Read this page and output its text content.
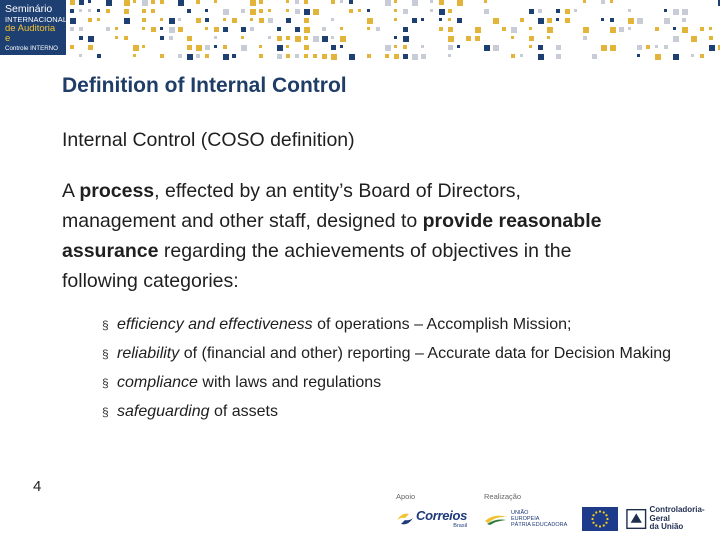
Seminário
INTERNACIONAL
de Auditoria e
Controle INTERNO
Definition of Internal Control

Internal Control (COSO definition)

A process, effected by an entity’s Board of Directors, management and other staff, designed to provide reasonable assurance regarding the achievements of objectives in the following categories:

§ efficiency and effectiveness of operations – Accomplish Mission;
§ reliability of (financial and other) reporting – Accurate data for Decision Making
§ compliance with laws and regulations
§ safeguarding of assets
4
Apoio	Realização
Correios
Brasil
UNIÃO
EUROPEIA
PÁTRIA EDUCADORA
Controladoria-Geral
da União
